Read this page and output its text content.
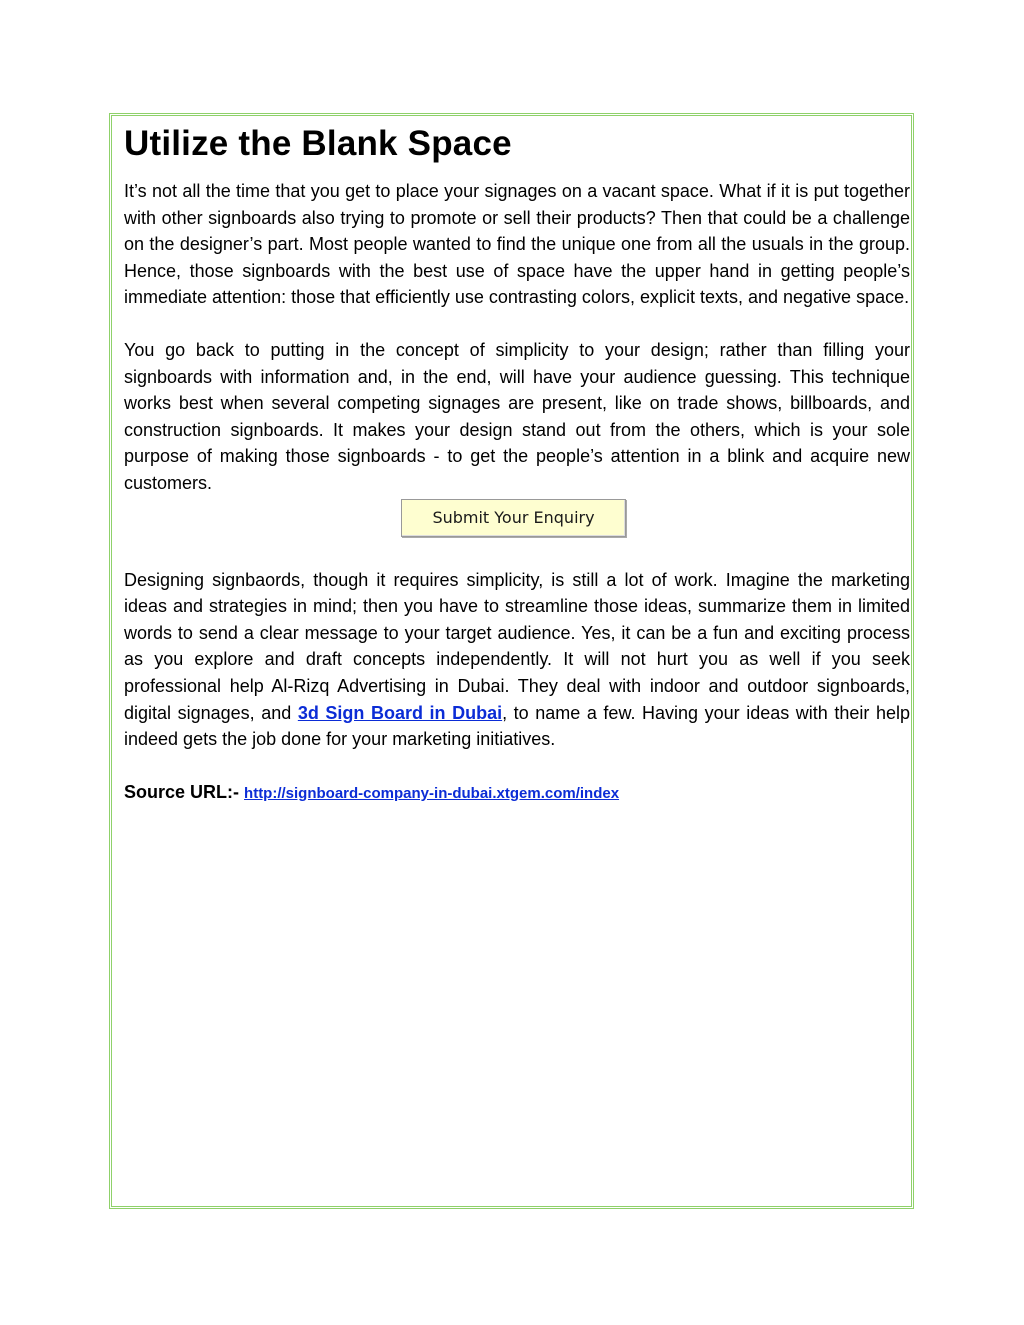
Utilize the Blank Space

It’s not all the time that you get to place your signages on a vacant space. What if it is put together with other signboards also trying to promote or sell their products? Then that could be a challenge on the designer’s part. Most people wanted to find the unique one from all the usuals in the group. Hence, those signboards with the best use of space have the upper hand in getting people’s immediate attention: those that efficiently use contrasting colors, explicit texts, and negative space.

You go back to putting in the concept of simplicity to your design; rather than filling your signboards with information and, in the end, will have your audience guessing. This technique works best when several competing signages are present, like on trade shows, billboards, and construction signboards. It makes your design stand out from the others, which is your sole purpose of making those signboards - to get the people’s attention in a blink and acquire new customers.

Submit Your Enquiry

Designing signbaords, though it requires simplicity, is still a lot of work. Imagine the marketing ideas and strategies in mind; then you have to streamline those ideas, summarize them in limited words to send a clear message to your target audience. Yes, it can be a fun and exciting process as you explore and draft concepts independently. It will not hurt you as well if you seek professional help Al-Rizq Advertising in Dubai. They deal with indoor and outdoor signboards, digital signages, and 3d Sign Board in Dubai, to name a few. Having your ideas with their help indeed gets the job done for your marketing initiatives.

Source URL:- http://signboard-company-in-dubai.xtgem.com/index
